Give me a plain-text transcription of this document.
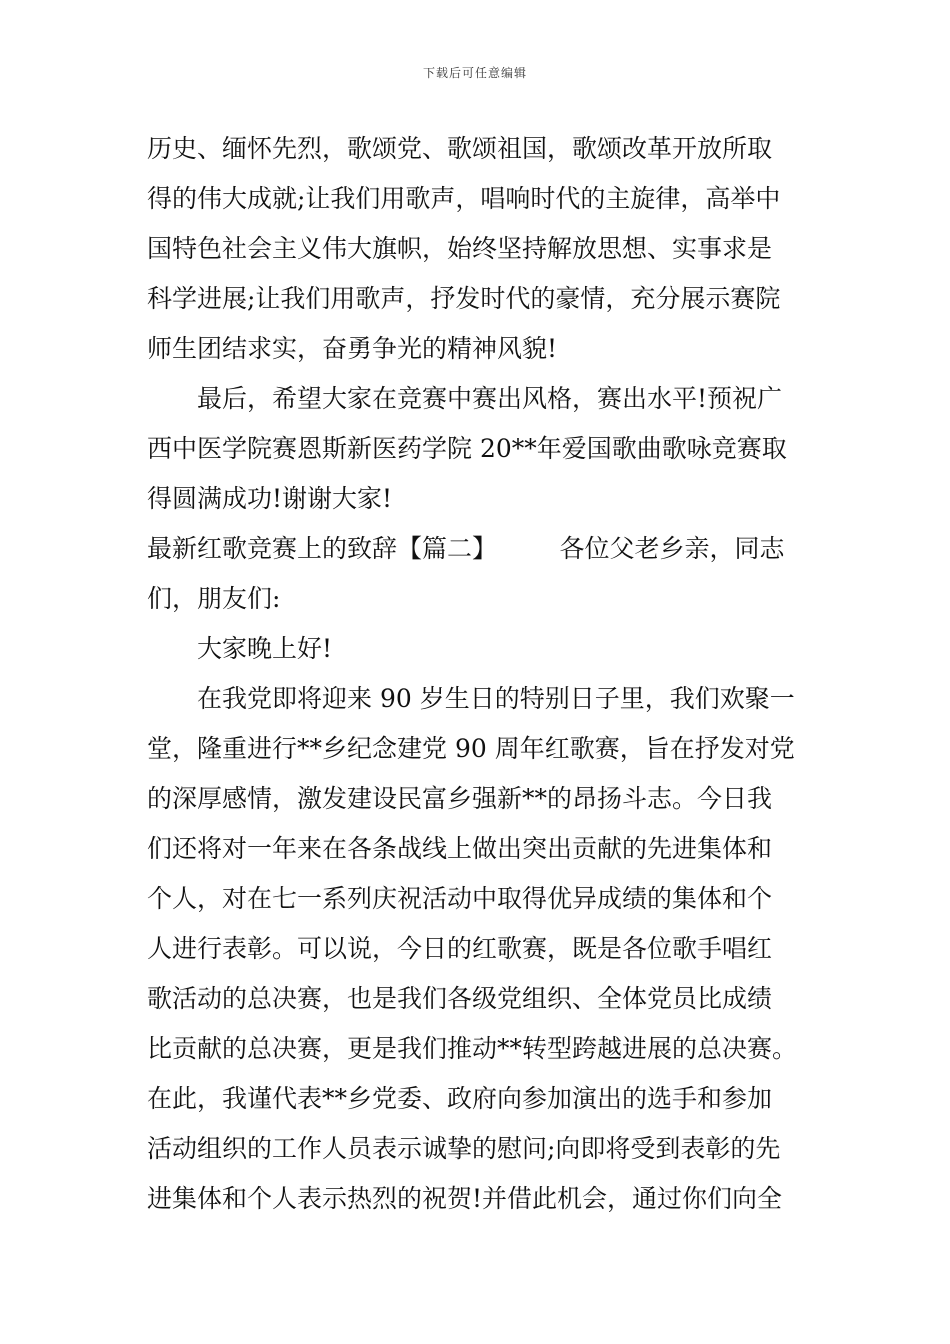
下载后可任意编辑
历史、缅怀先烈，歌颂党、歌颂祖国，歌颂改革开放所取
得的伟大成就;让我们用歌声，唱响时代的主旋律，高举中
国特色社会主义伟大旗帜，始终坚持解放思想、实事求是
科学进展;让我们用歌声，抒发时代的豪情，充分展示赛院
师生团结求实，奋勇争光的精神风貌!
最后，希望大家在竞赛中赛出风格，赛出水平!预祝广
西中医学院赛恩斯新医药学院 20**年爱国歌曲歌咏竞赛取
得圆满成功!谢谢大家!
最新红歌竞赛上的致辞【篇二】　　　各位父老乡亲，同志
们，朋友们:
大家晚上好!
在我党即将迎来 90 岁生日的特别日子里，我们欢聚一
堂，隆重进行**乡纪念建党 90 周年红歌赛，旨在抒发对党
的深厚感情，激发建设民富乡强新**的昂扬斗志。今日我
们还将对一年来在各条战线上做出突出贡献的先进集体和
个人，对在七一系列庆祝活动中取得优异成绩的集体和个
人进行表彰。可以说，今日的红歌赛，既是各位歌手唱红
歌活动的总决赛，也是我们各级党组织、全体党员比成绩
比贡献的总决赛，更是我们推动**转型跨越进展的总决赛。
在此，我谨代表**乡党委、政府向参加演出的选手和参加
活动组织的工作人员表示诚挚的慰问;向即将受到表彰的先
进集体和个人表示热烈的祝贺!并借此机会，通过你们向全
